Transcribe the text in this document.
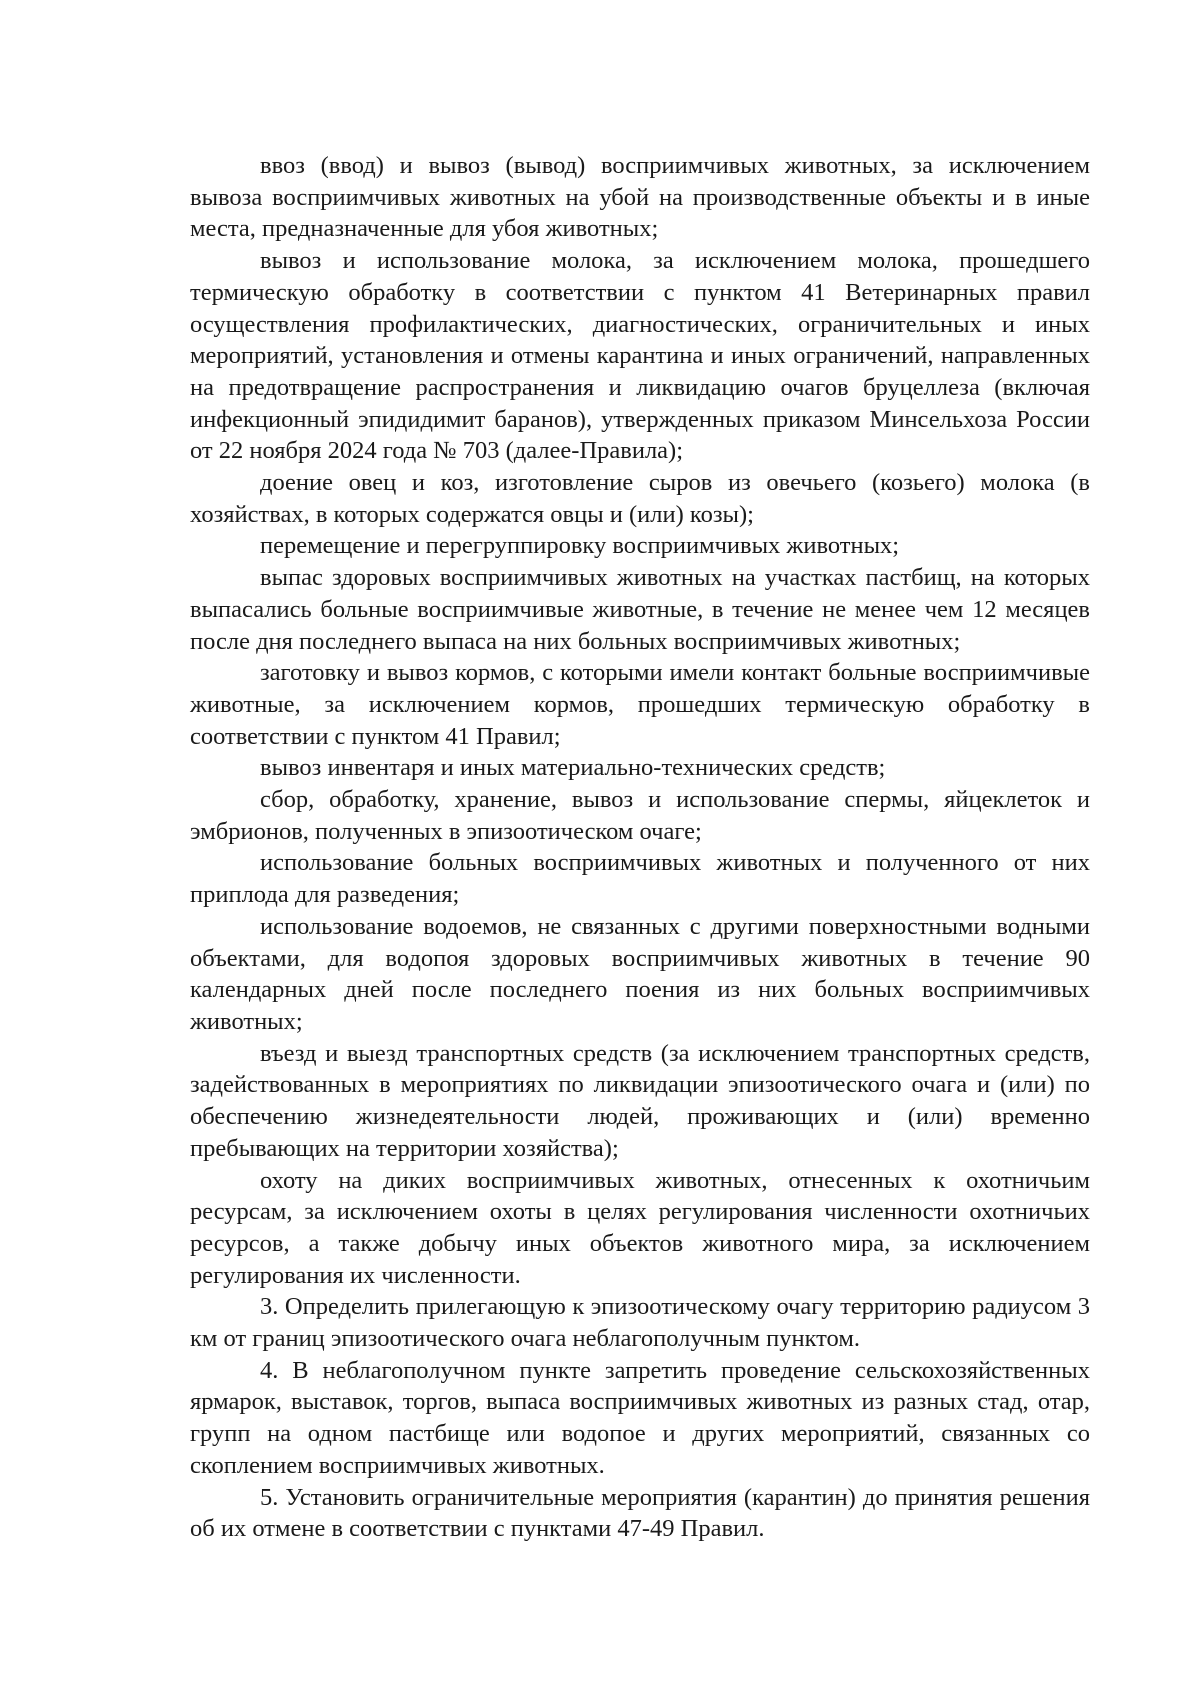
ввоз (ввод) и вывоз (вывод) восприимчивых животных, за исключением вывоза восприимчивых животных на убой на производственные объекты и в иные места, предназначенные для убоя животных;

вывоз и использование молока, за исключением молока, прошедшего термическую обработку в соответствии с пунктом 41 Ветеринарных правил осуществления профилактических, диагностических, ограничительных и иных мероприятий, установления и отмены карантина и иных ограничений, направленных на предотвращение распространения и ликвидацию очагов бруцеллеза (включая инфекционный эпидидимит баранов), утвержденных приказом Минсельхоза России от 22 ноября 2024 года № 703 (далее-Правила);

доение овец и коз, изготовление сыров из овечьего (козьего) молока (в хозяйствах, в которых содержатся овцы и (или) козы);

перемещение и перегруппировку восприимчивых животных;

выпас здоровых восприимчивых животных на участках пастбищ, на которых выпасались больные восприимчивые животные, в течение не менее чем 12 месяцев после дня последнего выпаса на них больных восприимчивых животных;

заготовку и вывоз кормов, с которыми имели контакт больные восприимчивые животные, за исключением кормов, прошедших термическую обработку в соответствии с пунктом 41 Правил;

вывоз инвентаря и иных материально-технических средств;

сбор, обработку, хранение, вывоз и использование спермы, яйцеклеток и эмбрионов, полученных в эпизоотическом очаге;

использование больных восприимчивых животных и полученного от них приплода для разведения;

использование водоемов, не связанных с другими поверхностными водными объектами, для водопоя здоровых восприимчивых животных в течение 90 календарных дней после последнего поения из них больных восприимчивых животных;

въезд и выезд транспортных средств (за исключением транспортных средств, задействованных в мероприятиях по ликвидации эпизоотического очага и (или) по обеспечению жизнедеятельности людей, проживающих и (или) временно пребывающих на территории хозяйства);

охоту на диких восприимчивых животных, отнесенных к охотничьим ресурсам, за исключением охоты в целях регулирования численности охотничьих ресурсов, а также добычу иных объектов животного мира, за исключением регулирования их численности.

3. Определить прилегающую к эпизоотическому очагу территорию радиусом 3 км от границ эпизоотического очага неблагополучным пунктом.

4. В неблагополучном пункте запретить проведение сельскохозяйственных ярмарок, выставок, торгов, выпаса восприимчивых животных из разных стад, отар, групп на одном пастбище или водопое и других мероприятий, связанных со скоплением восприимчивых животных.

5. Установить ограничительные мероприятия (карантин) до принятия решения об их отмене в соответствии с пунктами 47-49 Правил.
